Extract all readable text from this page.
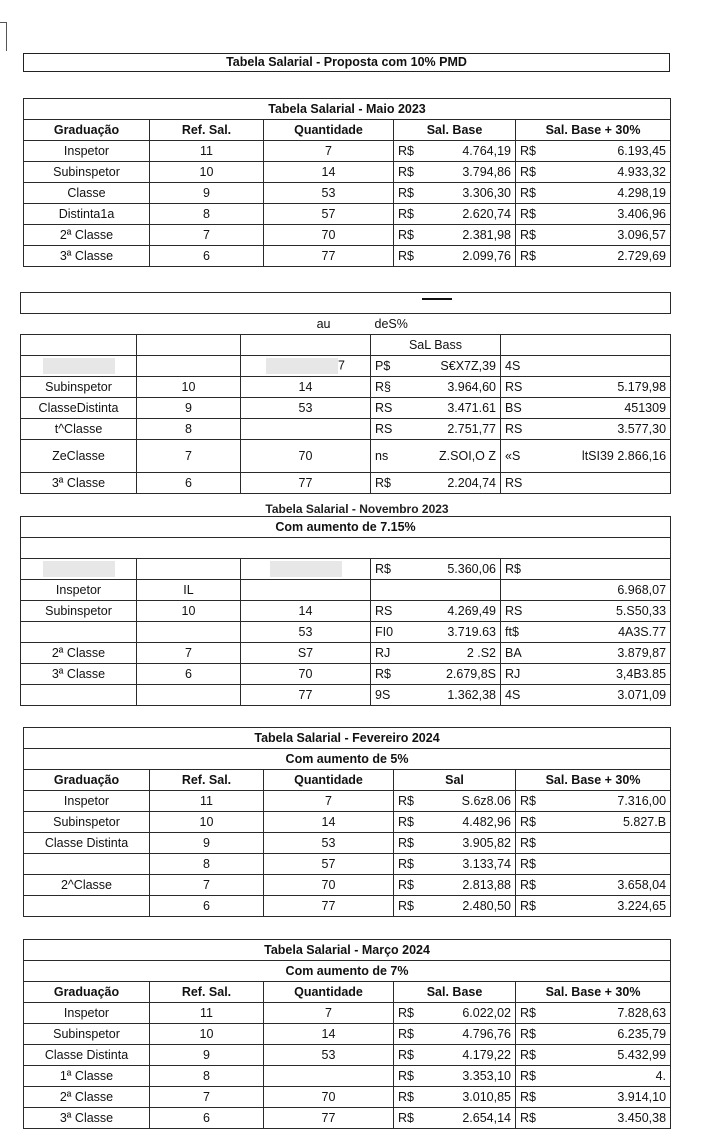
Tabela Salarial - Proposta com 10% PMD
Tabela Salarial - Maio 2023						
Graduação	Ref. Sal.	Quantidade	Sal. Base		Sal. Base + 30%	
Inspetor	11	7	R$	4.764,19	R$	6.193,45
Subinspetor	10	14	R$	3.794,86	R$	4.933,32
Classe	9	53	R$	3.306,30	R$	4.298,19
Distinta1a	8	57	R$	2.620,74	R$	3.406,96
2ª Classe	7	70	R$	2.381,98	R$	3.096,57
3ª Classe	6	77	R$	2.099,76	R$	2.729,69

		au	deS%			
			SaL Bass			
		7	P$	S€X7Z,39	4S	
Subinspetor	10	14	R§	3.964,60	RS	5.179,98
ClasseDistinta	9	53	RS	3.471.61	BS	451309
t^Classe	8		RS	2.751,77	RS	3.577,30
ZeClasse	7	70	ns	Z.SOI,O Z	«S	ltSI39 2.866,16
3ª Classe	6	77	R$	2.204,74	RS	
Tabela Salarial - Novembro 2023
Com aumento de 7.15%						

			R$	5.360,06	R$	
Inspetor	IL					6.968,07
Subinspetor	10	14	RS	4.269,49	RS	5.S50,33
		53	FI0	3.719.63	ft$	4A3S.77
2ª Classe	7	S7	RJ	2 .S2	BA	3.879,87
3ª Classe	6	70	R$	2.679,8S	RJ	3,4B3.85
		77	9S	1.362,38	4S	3.071,09
Tabela Salarial - Fevereiro 2024						
Com aumento de 5%						
Graduação	Ref. Sal.	Quantidade	Sal		Sal. Base + 30%	
Inspetor	11	7	R$	S.6z8.06	R$	7.316,00
Subinspetor	10	14	R$	4.482,96	R$	5.827.B
Classe Distinta	9	53	R$	3.905,82	R$	
	8	57	R$	3.133,74	R$	
2^Classe	7	70	R$	2.813,88	R$	3.658,04
	6	77	R$	2.480,50	R$	3.224,65
Tabela Salarial - Março 2024						
Com aumento de 7%						
Graduação	Ref. Sal.	Quantidade	Sal. Base		Sal. Base + 30%	
Inspetor	11	7	R$	6.022,02	R$	7.828,63
Subinspetor	10	14	R$	4.796,76	R$	6.235,79
Classe Distinta	9	53	R$	4.179,22	R$	5.432,99
1ª Classe	8		R$	3.353,10	R$	4.
2ª Classe	7	70	R$	3.010,85	R$	3.914,10
3ª Classe	6	77	R$	2.654,14	R$	3.450,38
